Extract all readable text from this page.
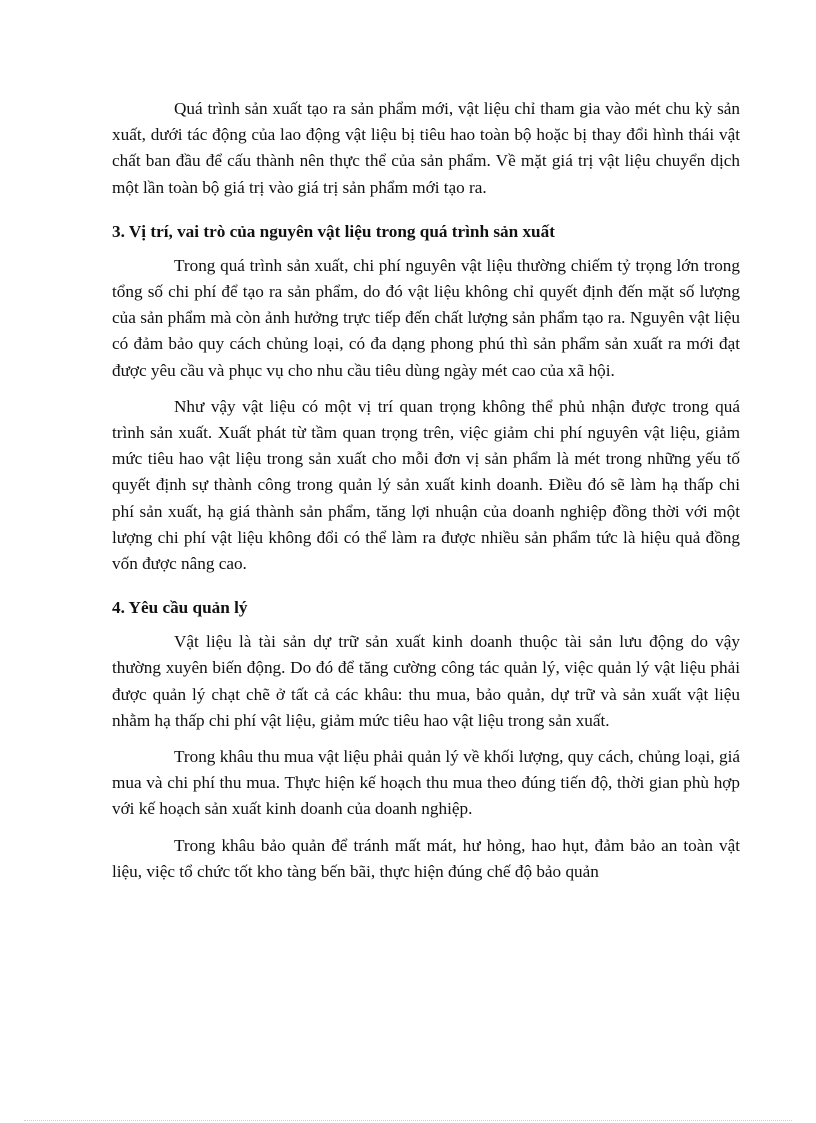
Quá trình sản xuất tạo ra sản phẩm mới, vật liệu chỉ tham gia vào mét chu kỳ sản xuất, dưới tác động của lao động vật liệu bị tiêu hao toàn bộ hoặc bị thay đổi hình thái vật chất ban đầu để cấu thành nên thực thể của sản phẩm. Về mặt giá trị vật liệu chuyển dịch một lần toàn bộ giá trị vào giá trị sản phẩm mới tạo ra.

3. Vị trí, vai trò của nguyên vật liệu trong quá trình sản xuất

Trong quá trình sản xuất, chi phí nguyên vật liệu thường chiếm tỷ trọng lớn trong tổng số chi phí để tạo ra sản phẩm, do đó vật liệu không chỉ quyết định đến mặt số lượng của sản phẩm mà còn ảnh hưởng trực tiếp đến chất lượng sản phẩm tạo ra. Nguyên vật liệu có đảm bảo quy cách chủng loại, có đa dạng phong phú thì sản phẩm sản xuất ra mới đạt được yêu cầu và phục vụ cho nhu cầu tiêu dùng ngày mét cao của xã hội.

Như vậy vật liệu có một vị trí quan trọng không thể phủ nhận được trong quá trình sản xuất. Xuất phát từ tầm quan trọng trên, việc giảm chi phí nguyên vật liệu, giảm mức tiêu hao vật liệu trong sản xuất cho mỗi đơn vị sản phẩm là mét trong những yếu tố quyết định sự thành công trong quản lý sản xuất kinh doanh. Điều đó sẽ làm hạ thấp chi phí sản xuất, hạ giá thành sản phẩm, tăng lợi nhuận của doanh nghiệp đồng thời với một lượng chi phí vật liệu không đổi có thể làm ra được nhiều sản phẩm tức là hiệu quả đồng vốn được nâng cao.

4. Yêu cầu quản lý

Vật liệu là tài sản dự trữ sản xuất kinh doanh thuộc tài sản lưu động do vậy thường xuyên biến động. Do đó để tăng cường công tác quản lý, việc quản lý vật liệu phải được quản lý chạt chẽ ở tất cả các khâu: thu mua, bảo quản, dự trữ và sản xuất vật liệu nhằm hạ thấp chi phí vật liệu, giảm mức tiêu hao vật liệu trong sản xuất.

Trong khâu thu mua vật liệu phải quản lý về khối lượng, quy cách, chủng loại, giá mua và chi phí thu mua. Thực hiện kế hoạch thu mua theo đúng tiến độ, thời gian phù hợp với kế hoạch sản xuất kinh doanh của doanh nghiệp.

Trong khâu bảo quản để tránh mất mát, hư hỏng, hao hụt, đảm bảo an toàn vật liệu, việc tổ chức tốt kho tàng bến bãi, thực hiện đúng chế độ bảo quản
